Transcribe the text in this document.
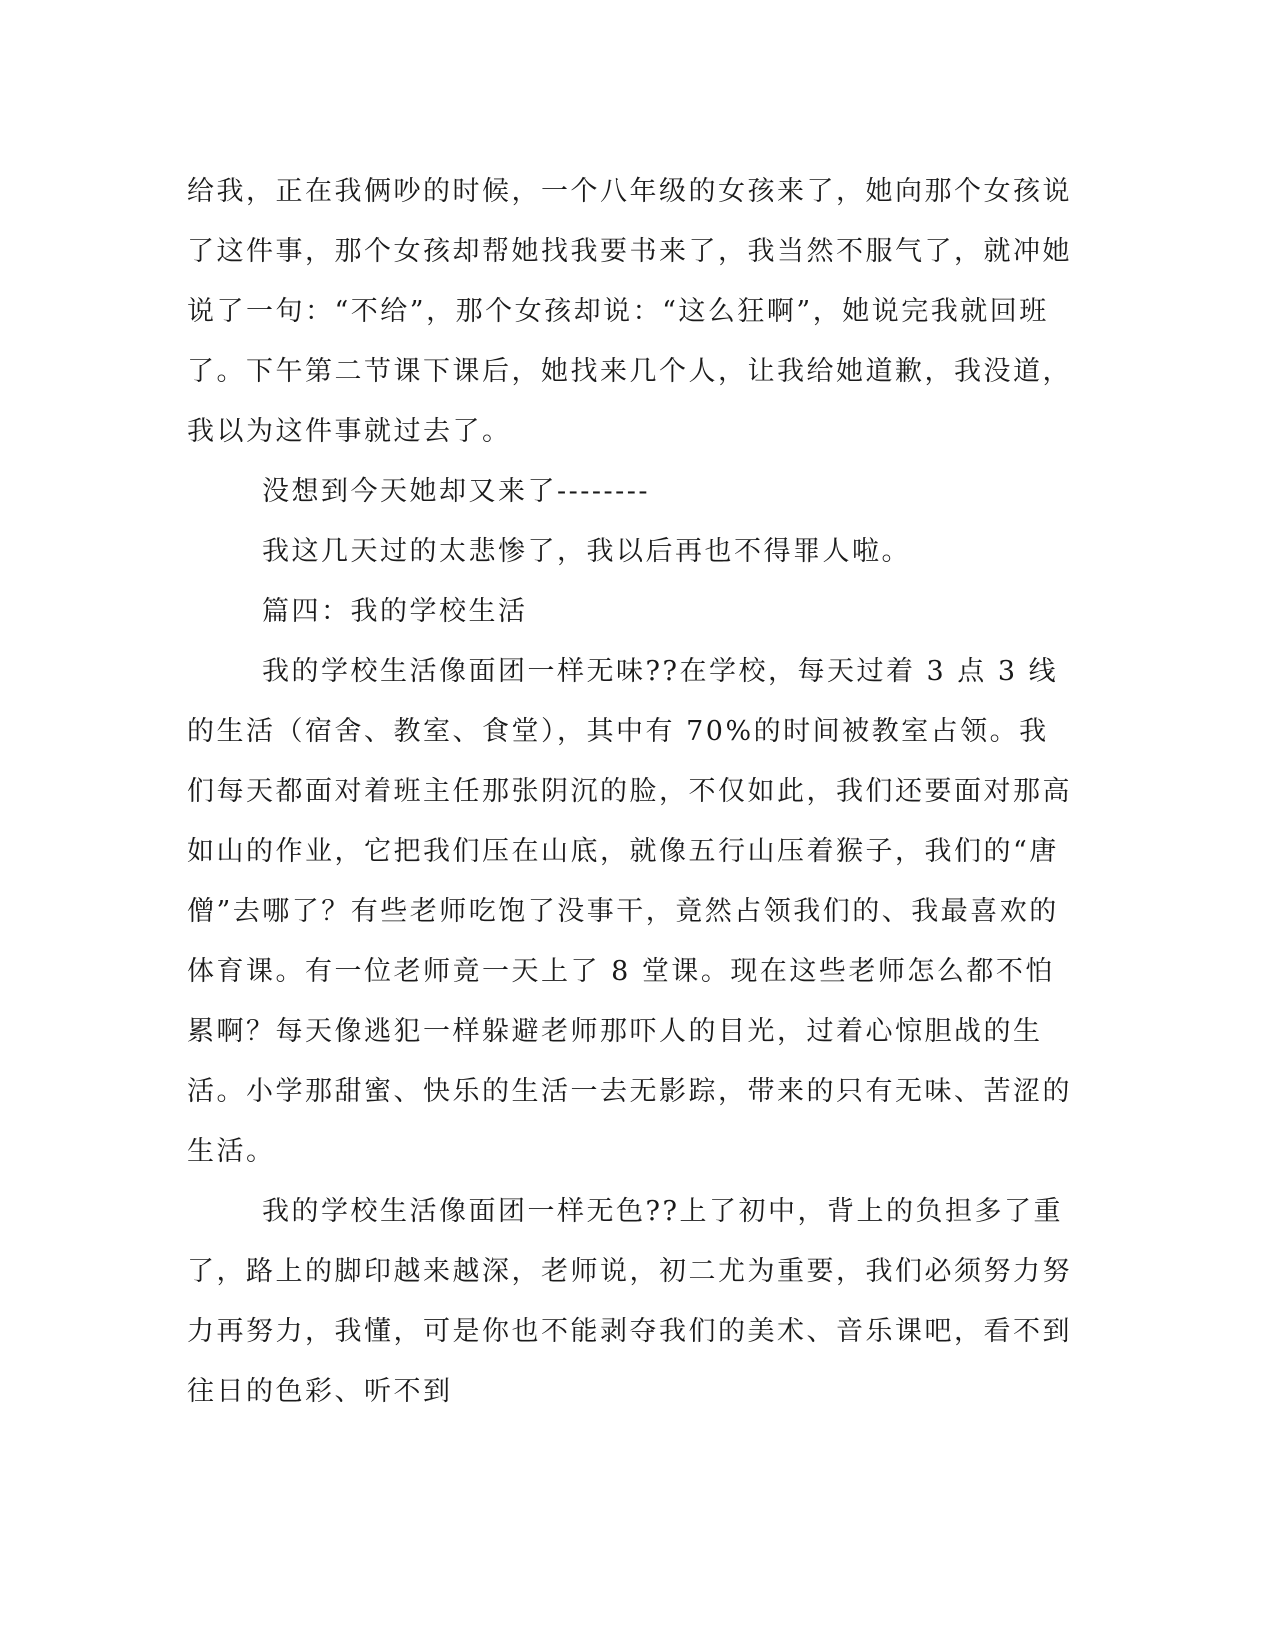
给我，正在我俩吵的时候，一个八年级的女孩来了，她向那个女孩说了这件事，那个女孩却帮她找我要书来了，我当然不服气了，就冲她说了一句：“不给”，那个女孩却说：“这么狂啊”，她说完我就回班了。下午第二节课下课后，她找来几个人，让我给她道歉，我没道，我以为这件事就过去了。

没想到今天她却又来了--------

我这几天过的太悲惨了，我以后再也不得罪人啦。

篇四：我的学校生活

我的学校生活像面团一样无味??在学校，每天过着 3 点 3 线的生活（宿舍、教室、食堂），其中有 70%的时间被教室占领。我们每天都面对着班主任那张阴沉的脸，不仅如此，我们还要面对那高如山的作业，它把我们压在山底，就像五行山压着猴子，我们的“唐僧”去哪了？有些老师吃饱了没事干，竟然占领我们的、我最喜欢的体育课。有一位老师竟一天上了 8 堂课。现在这些老师怎么都不怕累啊？每天像逃犯一样躲避老师那吓人的目光，过着心惊胆战的生活。小学那甜蜜、快乐的生活一去无影踪，带来的只有无味、苦涩的生活。

我的学校生活像面团一样无色??上了初中，背上的负担多了重了，路上的脚印越来越深，老师说，初二尤为重要，我们必须努力努力再努力，我懂，可是你也不能剥夺我们的美术、音乐课吧，看不到往日的色彩、听不到
